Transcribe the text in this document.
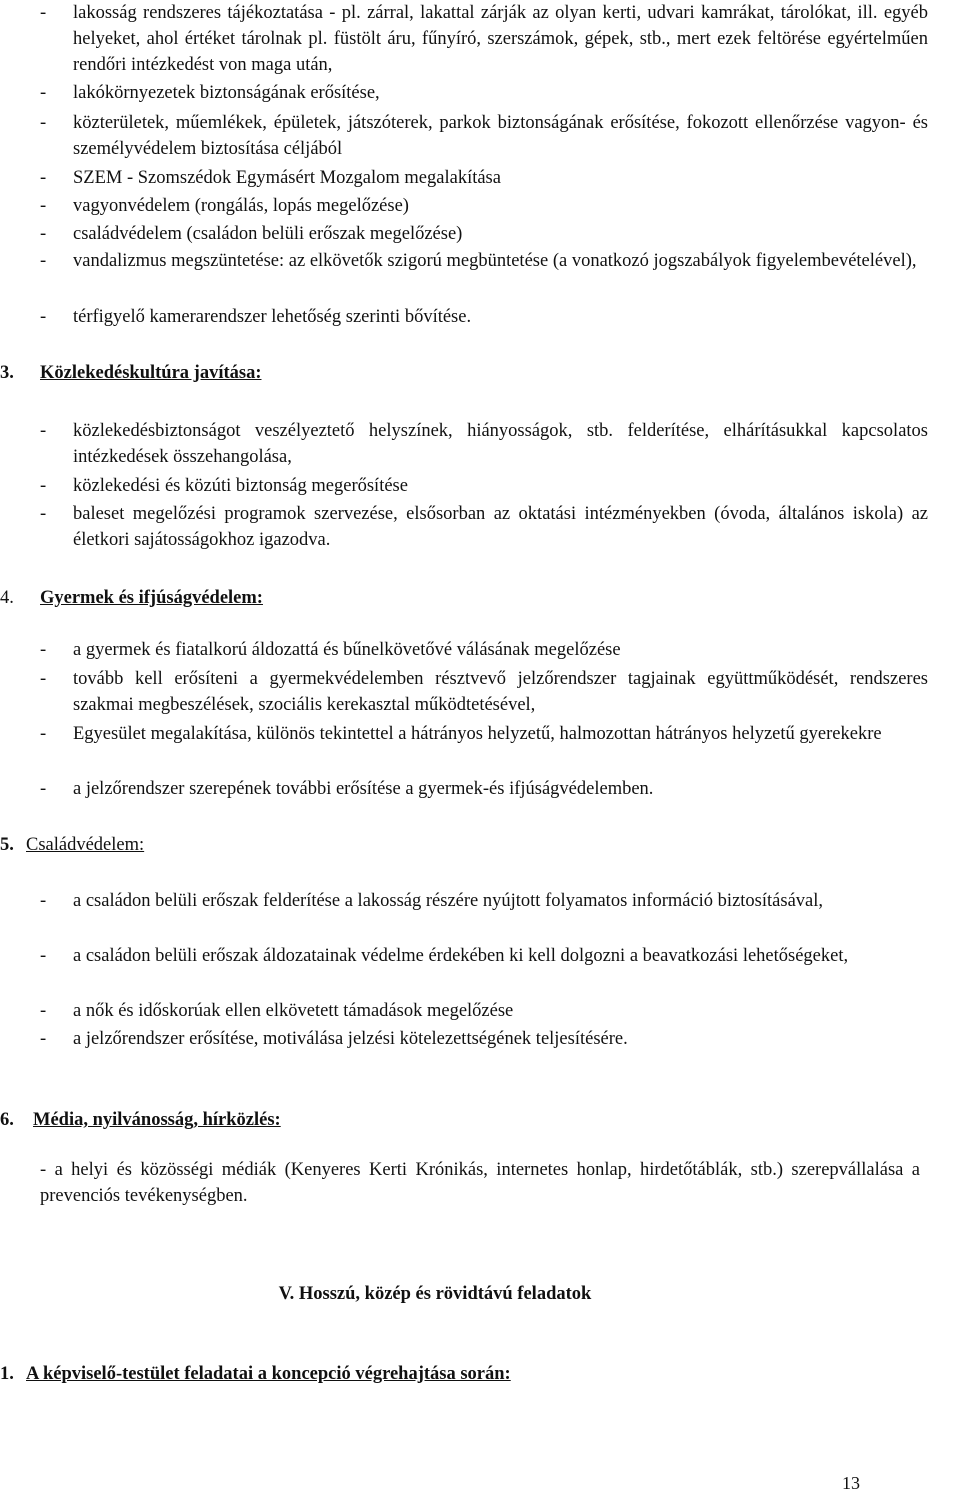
- lakosság rendszeres tájékoztatása - pl. zárral, lakattal zárják az olyan kerti, udvari kamrákat, tárolókat, ill. egyéb helyeket, ahol értéket tárolnak pl. füstölt áru, fűnyíró, szerszámok, gépek, stb., mert ezek feltörése egyértelműen rendőri intézkedést von maga után,
- lakókörnyezetek biztonságának erősítése,
- közterületek, műemlékek, épületek, játszóterek, parkok biztonságának erősítése, fokozott ellenőrzése vagyon- és személyvédelem biztosítása céljából
- SZEM - Szomszédok Egymásért Mozgalom megalakítása
- vagyonvédelem (rongálás, lopás megelőzése)
- családvédelem (családon belüli erőszak megelőzése)
- vandalizmus megszüntetése: az elkövetők szigorú megbüntetése (a vonatkozó jogszabályok figyelembevételével),
- térfigyelő kamerarendszer lehetőség szerinti bővítése.
3. Közlekedéskultúra javítása:
- közlekedésbiztonságot veszélyeztető helyszínek, hiányosságok, stb. felderítése, elhárításukkal kapcsolatos intézkedések összehangolása,
- közlekedési és közúti biztonság megerősítése
- baleset megelőzési programok szervezése, elsősorban az oktatási intézményekben (óvoda, általános iskola) az életkori sajátosságokhoz igazodva.
4. Gyermek és ifjúságvédelem:
- a gyermek és fiatalkorú áldozattá és bűnelkövetővé válásának megelőzése
- tovább kell erősíteni a gyermekvédelemben résztvevő jelzőrendszer tagjainak együttműködését, rendszeres szakmai megbeszélések, szociális kerekasztal működtetésével,
- Egyesület megalakítása, különös tekintettel a hátrányos helyzetű, halmozottan hátrányos helyzetű gyerekekre
- a jelzőrendszer szerepének további erősítése a gyermek-és ifjúságvédelemben.
5. Családvédelem:
- a családon belüli erőszak felderítése a lakosság részére nyújtott folyamatos információ biztosításával,
- a családon belüli erőszak áldozatainak védelme érdekében ki kell dolgozni a beavatkozási lehetőségeket,
- a nők és időskorúak ellen elkövetett támadások megelőzése
- a jelzőrendszer erősítése, motiválása jelzési kötelezettségének teljesítésére.
6. Média, nyilvánosság, hírközlés:
- a helyi és közösségi médiák (Kenyeres Kerti Krónikás, internetes honlap, hirdetőtáblák, stb.) szerepvállalása a prevenciós tevékenységben.
V. Hosszú, közép és rövidtávú feladatok
1. A képviselő-testület feladatai a koncepció végrehajtása során:
13
